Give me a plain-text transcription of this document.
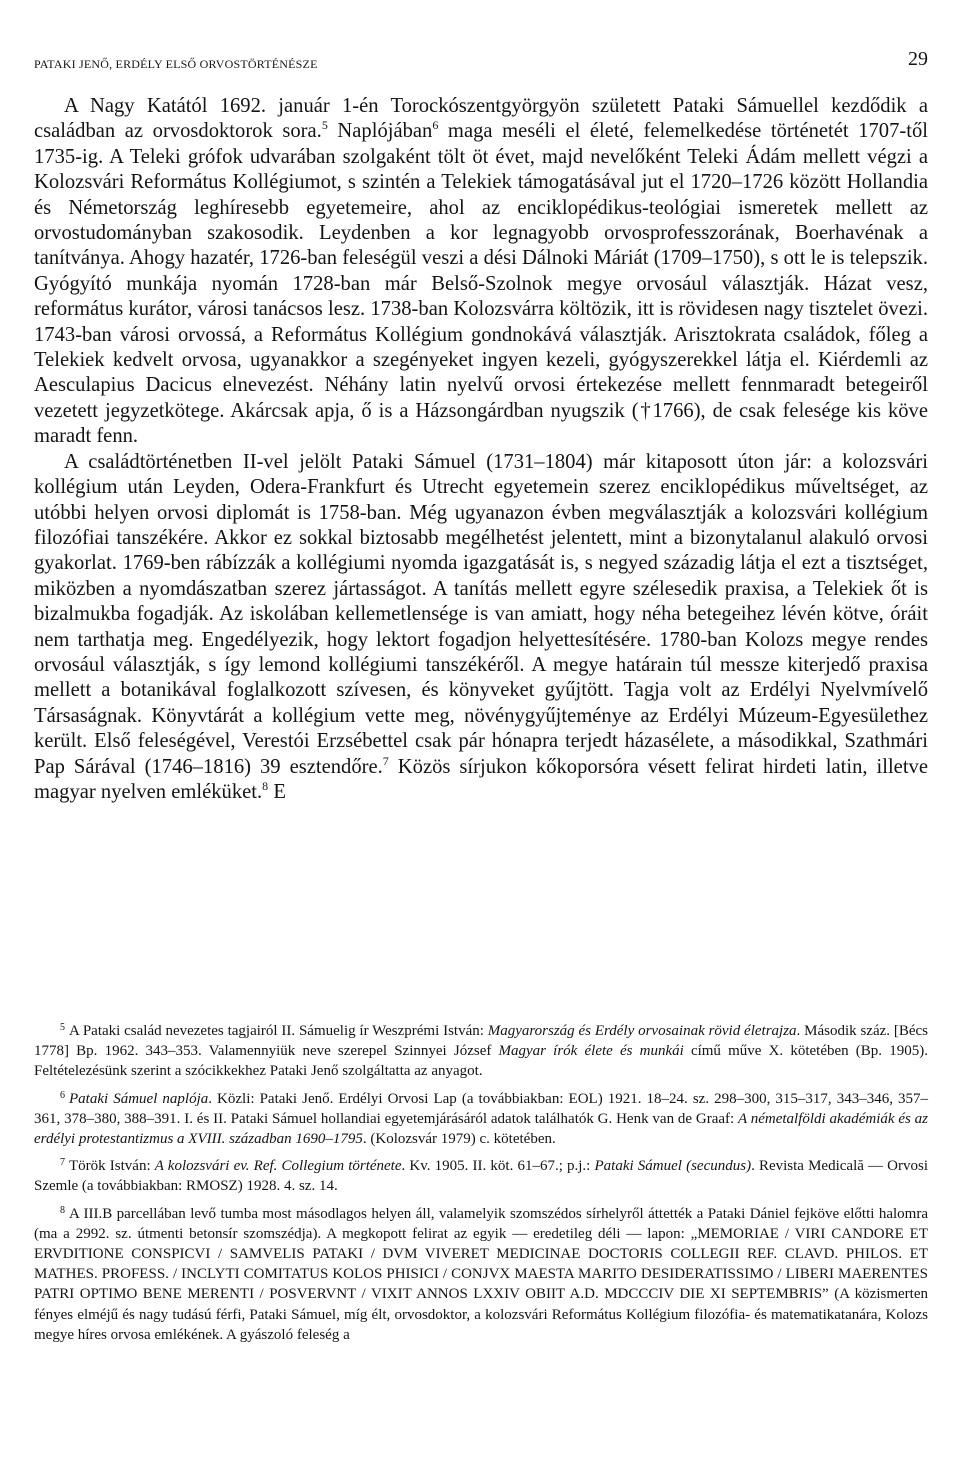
PATAKI JENŐ, ERDÉLY ELSŐ ORVOSTÖRTÉNÉSZE	29

A Nagy Katától 1692. január 1-én Torockószentgyörgyön született Pataki Sámuellel kezdődik a családban az orvosdoktorok sora.$^5$ Naplójában$^6$ maga meséli el életé, felemelkedése történetét 1707-től 1735-ig. A Teleki grófok udvarában szolgaként tölt öt évet, majd nevelőként Teleki Ádám mellett végzi a Kolozsvári Református Kollégiumot, s szintén a Telekiek támogatásával jut el 1720–1726 között Hollandia és Németország leghíresebb egyetemeire, ahol az enciklopédikus-teológiai ismeretek mellett az orvostudományban szakosodik. Leydenben a kor legnagyobb orvosprofesszorának, Boerhavénak a tanítványa. Ahogy hazatér, 1726-ban feleségül veszi a dési Dálnoki Máriát (1709–1750), s ott le is telepszik. Gyógyító munkája nyomán 1728-ban már Belső-Szolnok megye orvosául választják. Házat vesz, református kurátor, városi tanácsos lesz. 1738-ban Kolozsvárra költözik, itt is rövidesen nagy tisztelet övezi. 1743-ban városi orvossá, a Református Kollégium gondnokává választják. Arisztokrata családok, főleg a Telekiek kedvelt orvosa, ugyanakkor a szegényeket ingyen kezeli, gyógyszerekkel látja el. Kiérdemli az Aesculapius Dacicus elnevezést. Néhány latin nyelvű orvosi értekezése mellett fennmaradt betegeiről vezetett jegyzetkötege. Akárcsak apja, ő is a Házsongárdban nyugszik (†1766), de csak felesége kis köve maradt fenn.

A családtörténetben II-vel jelölt Pataki Sámuel (1731–1804) már kitaposott úton jár: a kolozsvári kollégium után Leyden, Odera-Frankfurt és Utrecht egyetemein szerez enciklopédikus műveltséget, az utóbbi helyen orvosi diplomát is 1758-ban. Még ugyanazon évben megválasztják a kolozsvári kollégium filozófiai tanszékére. Akkor ez sokkal biztosabb megélhetést jelentett, mint a bizonytalanul alakuló orvosi gyakorlat. 1769-ben rábízzák a kollégiumi nyomda igazgatását is, s negyed századig látja el ezt a tisztséget, miközben a nyomdászatban szerez jártasságot. A tanítás mellett egyre szélesedik praxisa, a Telekiek őt is bizalmukba fogadják. Az iskolában kellemetlensége is van amiatt, hogy néha betegeihez lévén kötve, óráit nem tarthatja meg. Engedélyezik, hogy lektort fogadjon helyettesítésére. 1780-ban Kolozs megye rendes orvosául választják, s így lemond kollégiumi tanszékéről. A megye határain túl messze kiterjedő praxisa mellett a botanikával foglalkozott szívesen, és könyveket gyűjtött. Tagja volt az Erdélyi Nyelvmívelő Társaságnak. Könyvtárát a kollégium vette meg, növénygyűjteménye az Erdélyi Múzeum-Egyesülethez került. Első feleségével, Verestói Erzsébettel csak pár hónapra terjedt házasélete, a másodikkal, Szathmári Pap Sárával (1746–1816) 39 esztendőre.$^7$ Közös sírjukon kőkoporsóra vésett felirat hirdeti latin, illetve magyar nyelven emléküket.$^8$ E

$^5$ A Pataki család nevezetes tagjairól II. Sámuelig ír Weszprémi István: Magyarország és Erdély orvosainak rövid életrajza. Második száz. [Bécs 1778] Bp. 1962. 343–353. Valamennyiük neve szerepel Szinnyei József Magyar írók élete és munkái című műve X. kötetében (Bp. 1905). Feltételezésünk szerint a szócikkekhez Pataki Jenő szolgáltatta az anyagot.

$^6$ Pataki Sámuel naplója. Közli: Pataki Jenő. Erdélyi Orvosi Lap (a továbbiakban: EOL) 1921. 18–24. sz. 298–300, 315–317, 343–346, 357–361, 378–380, 388–391. I. és II. Pataki Sámuel hollandiai egyetemjárásáról adatok találhatók G. Henk van de Graaf: A németalföldi akadémiák és az erdélyi protestantizmus a XVIII. században 1690–1795. (Kolozsvár 1979) c. kötetében.

$^7$ Török István: A kolozsvári ev. Ref. Collegium története. Kv. 1905. II. köt. 61–67.; p.j.: Pataki Sámuel (secundus). Revista Medicală — Orvosi Szemle (a továbbiakban: RMOSZ) 1928. 4. sz. 14.

$^8$ A III.B parcellában levő tumba most másodlagos helyen áll, valamelyik szomszédos sírhelyről áttették a Pataki Dániel fejköve előtti halomra (ma a 2992. sz. útmenti betonsír szomszédja). A megkopott felirat az egyik — eredetileg déli — lapon: „MEMORIAE / VIRI CANDORE ET ERVDITIONE CONSPICVI / SAMVELIS PATAKI / DVM VIVERET MEDICINAE DOCTORIS COLLEGII REF. CLAVD. PHILOS. ET MATHES. PROFESS. / INCLYTI COMITATUS KOLOS PHISICI / CONJVX MAESTA MARITO DESIDERATISSIMO / LIBERI MAERENTES PATRI OPTIMO BENE MERENTI / POSVERVNT / VIXIT ANNOS LXXIV OBIIT A.D. MDCCCIV DIE XI SEPTEMBRIS” (A közismerten fényes elméjű és nagy tudású férfi, Pataki Sámuel, míg élt, orvosdoktor, a kolozsvári Református Kollégium filozófia- és matematikatanára, Kolozs megye híres orvosa emlékének. A gyászoló feleség a
